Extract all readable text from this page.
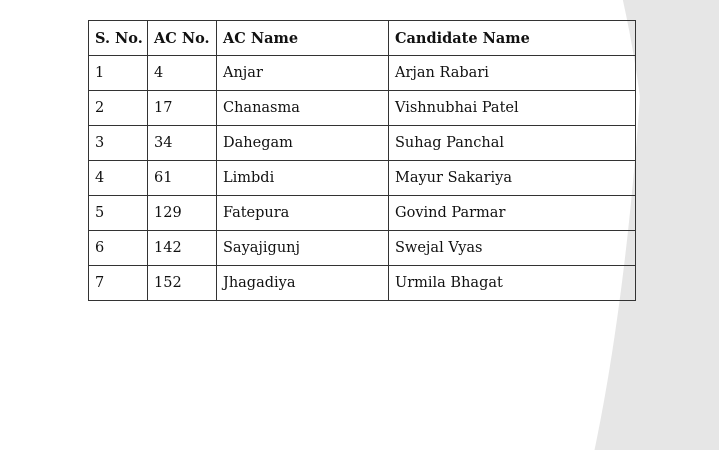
S. No.	AC No.	AC Name	Candidate Name
1	4	Anjar	Arjan Rabari
2	17	Chanasma	Vishnubhai Patel
3	34	Dahegam	Suhag Panchal
4	61	Limbdi	Mayur Sakariya
5	129	Fatepura	Govind Parmar
6	142	Sayajigunj	Swejal Vyas
7	152	Jhagadiya	Urmila Bhagat
